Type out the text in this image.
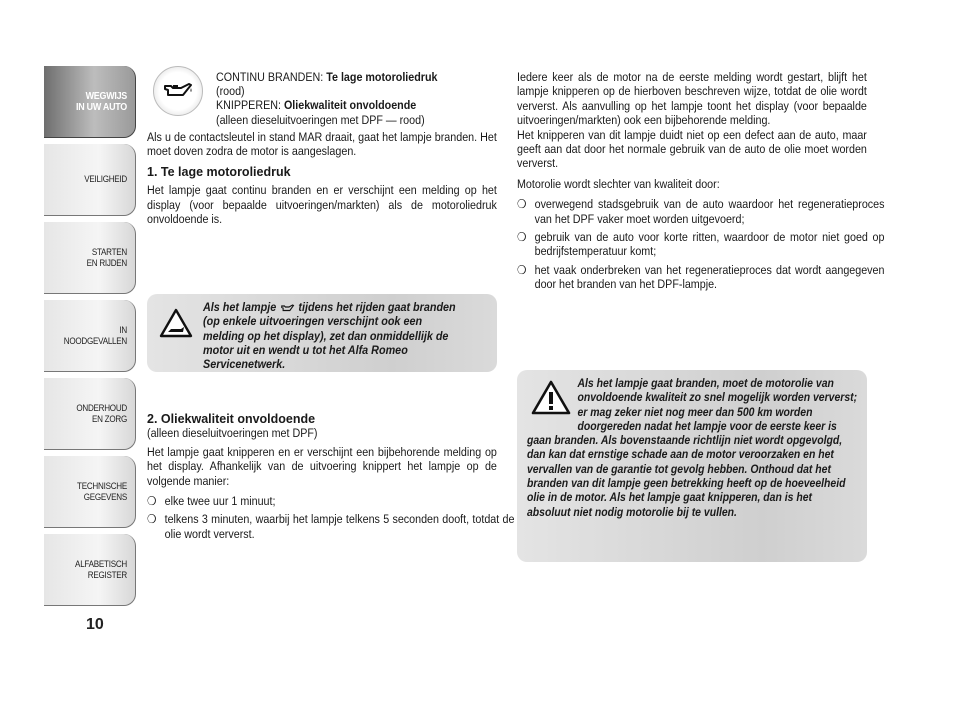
WEGWIJS
IN UW AUTO
VEILIGHEID
STARTEN
EN RIJDEN
IN NOODGEVALLEN
ONDERHOUD
EN ZORG
TECHNISCHE
GEGEVENS
ALFABETISCH
REGISTER
10
CONTINU BRANDEN: Te lage motoroliedruk
(rood)
KNIPPEREN: Oliekwaliteit onvoldoende
(alleen dieseluitvoeringen met DPF — rood)

Als u de contactsleutel in stand MAR draait, gaat het lampje branden. Het moet doven zodra de motor is aangeslagen.

1. Te lage motoroliedruk

Het lampje gaat continu branden en er verschijnt een melding op het display (voor bepaalde uitvoeringen/markten) als de motoroliedruk onvoldoende is.

Als het lampje  tijdens het rijden gaat branden (op enkele uitvoeringen verschijnt ook een melding op het display), zet dan onmiddellijk de motor uit en wendt u tot het Alfa Romeo Servicenetwerk.
2. Oliekwaliteit onvoldoende

(alleen dieseluitvoeringen met DPF)

Het lampje gaat knipperen en er verschijnt een bijbehorende melding op het display. Afhankelijk van de uitvoering knippert het lampje op de volgende manier:

❍ elke twee uur 1 minuut;
❍ telkens 3 minuten, waarbij het lampje telkens 5 seconden dooft, totdat de olie wordt ververst.

Iedere keer als de motor na de eerste melding wordt gestart, blijft het lampje knipperen op de hierboven beschreven wijze, totdat de olie wordt ververst. Als aanvulling op het lampje toont het display (voor bepaalde uitvoeringen/markten) ook een bijbehorende melding.

Het knipperen van dit lampje duidt niet op een defect aan de auto, maar geeft aan dat door het normale gebruik van de auto de olie moet worden ververst.

Motorolie wordt slechter van kwaliteit door:

❍ overwegend stadsgebruik van de auto waardoor het regeneratieproces van het DPF vaker moet worden uitgevoerd;
❍ gebruik van de auto voor korte ritten, waardoor de motor niet goed op bedrijfstemperatuur komt;
❍ het vaak onderbreken van het regeneratieproces dat wordt aangegeven door het branden van het DPF-lampje.
Als het lampje gaat branden, moet de motorolie van onvoldoende kwaliteit zo snel mogelijk worden ververst; er mag zeker niet nog meer dan 500 km worden doorgereden nadat het lampje voor de eerste keer is gaan branden. Als bovenstaande richtlijn niet wordt opgevolgd, dan kan dat ernstige schade aan de motor veroorzaken en het vervallen van de garantie tot gevolg hebben. Onthoud dat het branden van dit lampje geen betrekking heeft op de hoeveelheid olie in de motor. Als het lampje gaat knipperen, dan is het absoluut niet nodig motorolie bij te vullen.
